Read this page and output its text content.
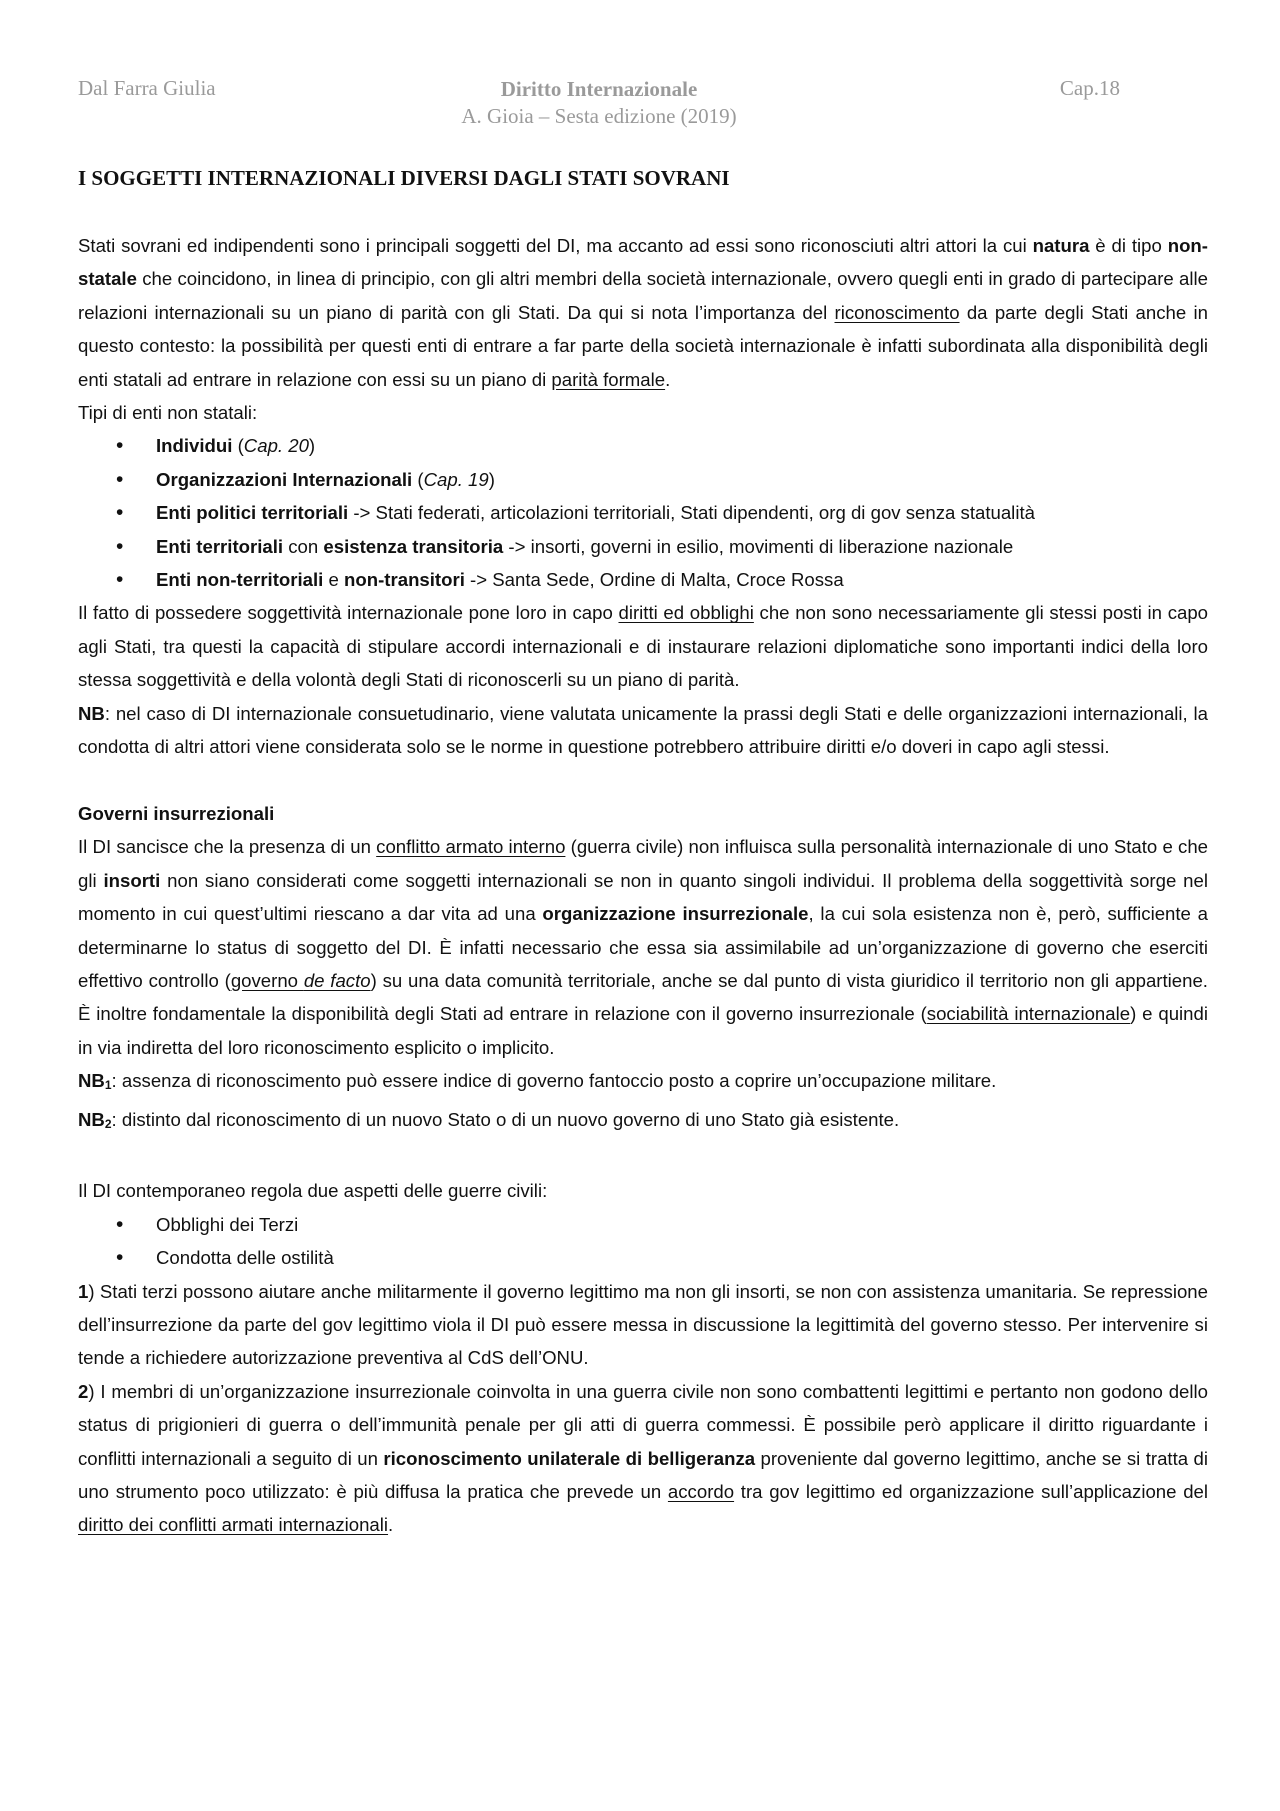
Dal Farra Giulia	Diritto Internazionale
A. Gioia – Sesta edizione (2019)
Cap.18
I SOGGETTI INTERNAZIONALI DIVERSI DAGLI STATI SOVRANI

Stati sovrani ed indipendenti sono i principali soggetti del DI, ma accanto ad essi sono riconosciuti altri attori la cui natura è di tipo non-statale che coincidono, in linea di principio, con gli altri membri della società internazionale, ovvero quegli enti in grado di partecipare alle relazioni internazionali su un piano di parità con gli Stati. Da qui si nota l’importanza del riconoscimento da parte degli Stati anche in questo contesto: la possibilità per questi enti di entrare a far parte della società internazionale è infatti subordinata alla disponibilità degli enti statali ad entrare in relazione con essi su un piano di parità formale.

Tipi di enti non statali:

• Individui (Cap. 20)
• Organizzazioni Internazionali (Cap. 19)
• Enti politici territoriali -> Stati federati, articolazioni territoriali, Stati dipendenti, org di gov senza statualità
• Enti territoriali con esistenza transitoria -> insorti, governi in esilio, movimenti di liberazione nazionale
• Enti non-territoriali e non-transitori -> Santa Sede, Ordine di Malta, Croce Rossa

Il fatto di possedere soggettività internazionale pone loro in capo diritti ed obblighi che non sono necessariamente gli stessi posti in capo agli Stati, tra questi la capacità di stipulare accordi internazionali e di instaurare relazioni diplomatiche sono importanti indici della loro stessa soggettività e della volontà degli Stati di riconoscerli su un piano di parità.

NB: nel caso di DI internazionale consuetudinario, viene valutata unicamente la prassi degli Stati e delle organizzazioni internazionali, la condotta di altri attori viene considerata solo se le norme in questione potrebbero attribuire diritti e/o doveri in capo agli stessi.

Governi insurrezionali

Il DI sancisce che la presenza di un conflitto armato interno (guerra civile) non influisca sulla personalità internazionale di uno Stato e che gli insorti non siano considerati come soggetti internazionali se non in quanto singoli individui. Il problema della soggettività sorge nel momento in cui quest’ultimi riescano a dar vita ad una organizzazione insurrezionale, la cui sola esistenza non è, però, sufficiente a determinarne lo status di soggetto del DI. È infatti necessario che essa sia assimilabile ad un’organizzazione di governo che eserciti effettivo controllo (governo de facto) su una data comunità territoriale, anche se dal punto di vista giuridico il territorio non gli appartiene. È inoltre fondamentale la disponibilità degli Stati ad entrare in relazione con il governo insurrezionale (sociabilità internazionale) e quindi in via indiretta del loro riconoscimento esplicito o implicito.

NB1: assenza di riconoscimento può essere indice di governo fantoccio posto a coprire un’occupazione militare.

NB2: distinto dal riconoscimento di un nuovo Stato o di un nuovo governo di uno Stato già esistente.

Il DI contemporaneo regola due aspetti delle guerre civili:

• Obblighi dei Terzi
• Condotta delle ostilità

1) Stati terzi possono aiutare anche militarmente il governo legittimo ma non gli insorti, se non con assistenza umanitaria. Se repressione dell’insurrezione da parte del gov legittimo viola il DI può essere messa in discussione la legittimità del governo stesso. Per intervenire si tende a richiedere autorizzazione preventiva al CdS dell’ONU.

2) I membri di un’organizzazione insurrezionale coinvolta in una guerra civile non sono combattenti legittimi e pertanto non godono dello status di prigionieri di guerra o dell’immunità penale per gli atti di guerra commessi. È possibile però applicare il diritto riguardante i conflitti internazionali a seguito di un riconoscimento unilaterale di belligeranza proveniente dal governo legittimo, anche se si tratta di uno strumento poco utilizzato: è più diffusa la pratica che prevede un accordo tra gov legittimo ed organizzazione sull’applicazione del diritto dei conflitti armati internazionali.
